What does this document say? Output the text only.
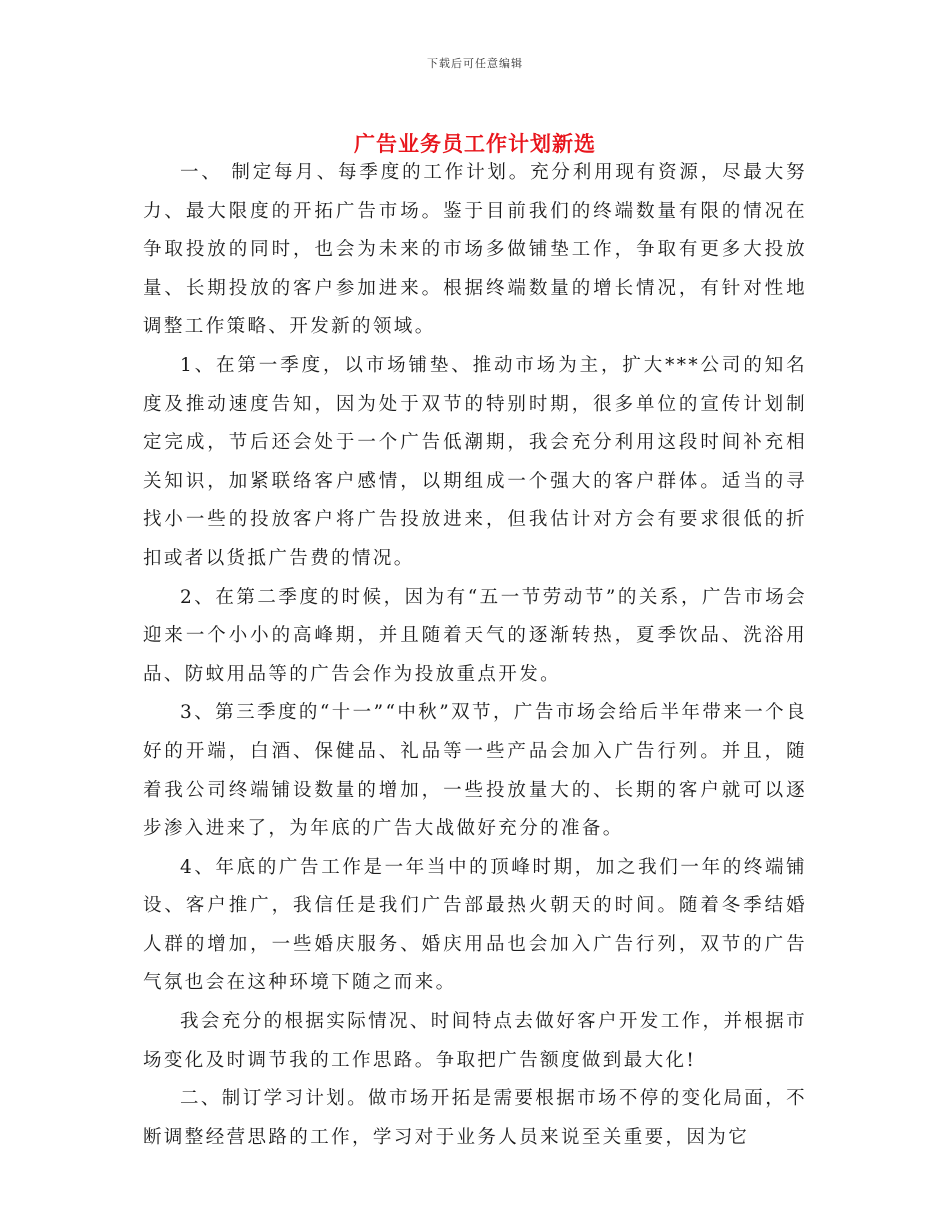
下载后可任意编辑
广告业务员工作计划新选

一、 制定每月、每季度的工作计划。充分利用现有资源，尽最大努力、最大限度的开拓广告市场。鉴于目前我们的终端数量有限的情况在争取投放的同时，也会为未来的市场多做铺垫工作，争取有更多大投放量、长期投放的客户参加进来。根据终端数量的增长情况，有针对性地调整工作策略、开发新的领域。

1、在第一季度，以市场铺垫、推动市场为主，扩大***公司的知名度及推动速度告知，因为处于双节的特别时期，很多单位的宣传计划制定完成，节后还会处于一个广告低潮期，我会充分利用这段时间补充相关知识，加紧联络客户感情，以期组成一个强大的客户群体。适当的寻找小一些的投放客户将广告投放进来，但我估计对方会有要求很低的折扣或者以货抵广告费的情况。

2、在第二季度的时候，因为有“五一节劳动节”的关系，广告市场会迎来一个小小的高峰期，并且随着天气的逐渐转热，夏季饮品、洗浴用品、防蚊用品等的广告会作为投放重点开发。

3、第三季度的“十一”“中秋”双节，广告市场会给后半年带来一个良好的开端，白酒、保健品、礼品等一些产品会加入广告行列。并且，随着我公司终端铺设数量的增加，一些投放量大的、长期的客户就可以逐步渗入进来了，为年底的广告大战做好充分的准备。

4、年底的广告工作是一年当中的顶峰时期，加之我们一年的终端铺设、客户推广，我信任是我们广告部最热火朝天的时间。随着冬季结婚人群的增加，一些婚庆服务、婚庆用品也会加入广告行列，双节的广告气氛也会在这种环境下随之而来。

我会充分的根据实际情况、时间特点去做好客户开发工作，并根据市场变化及时调节我的工作思路。争取把广告额度做到最大化!

二、制订学习计划。做市场开拓是需要根据市场不停的变化局面，不断调整经营思路的工作，学习对于业务人员来说至关重要，因为它
